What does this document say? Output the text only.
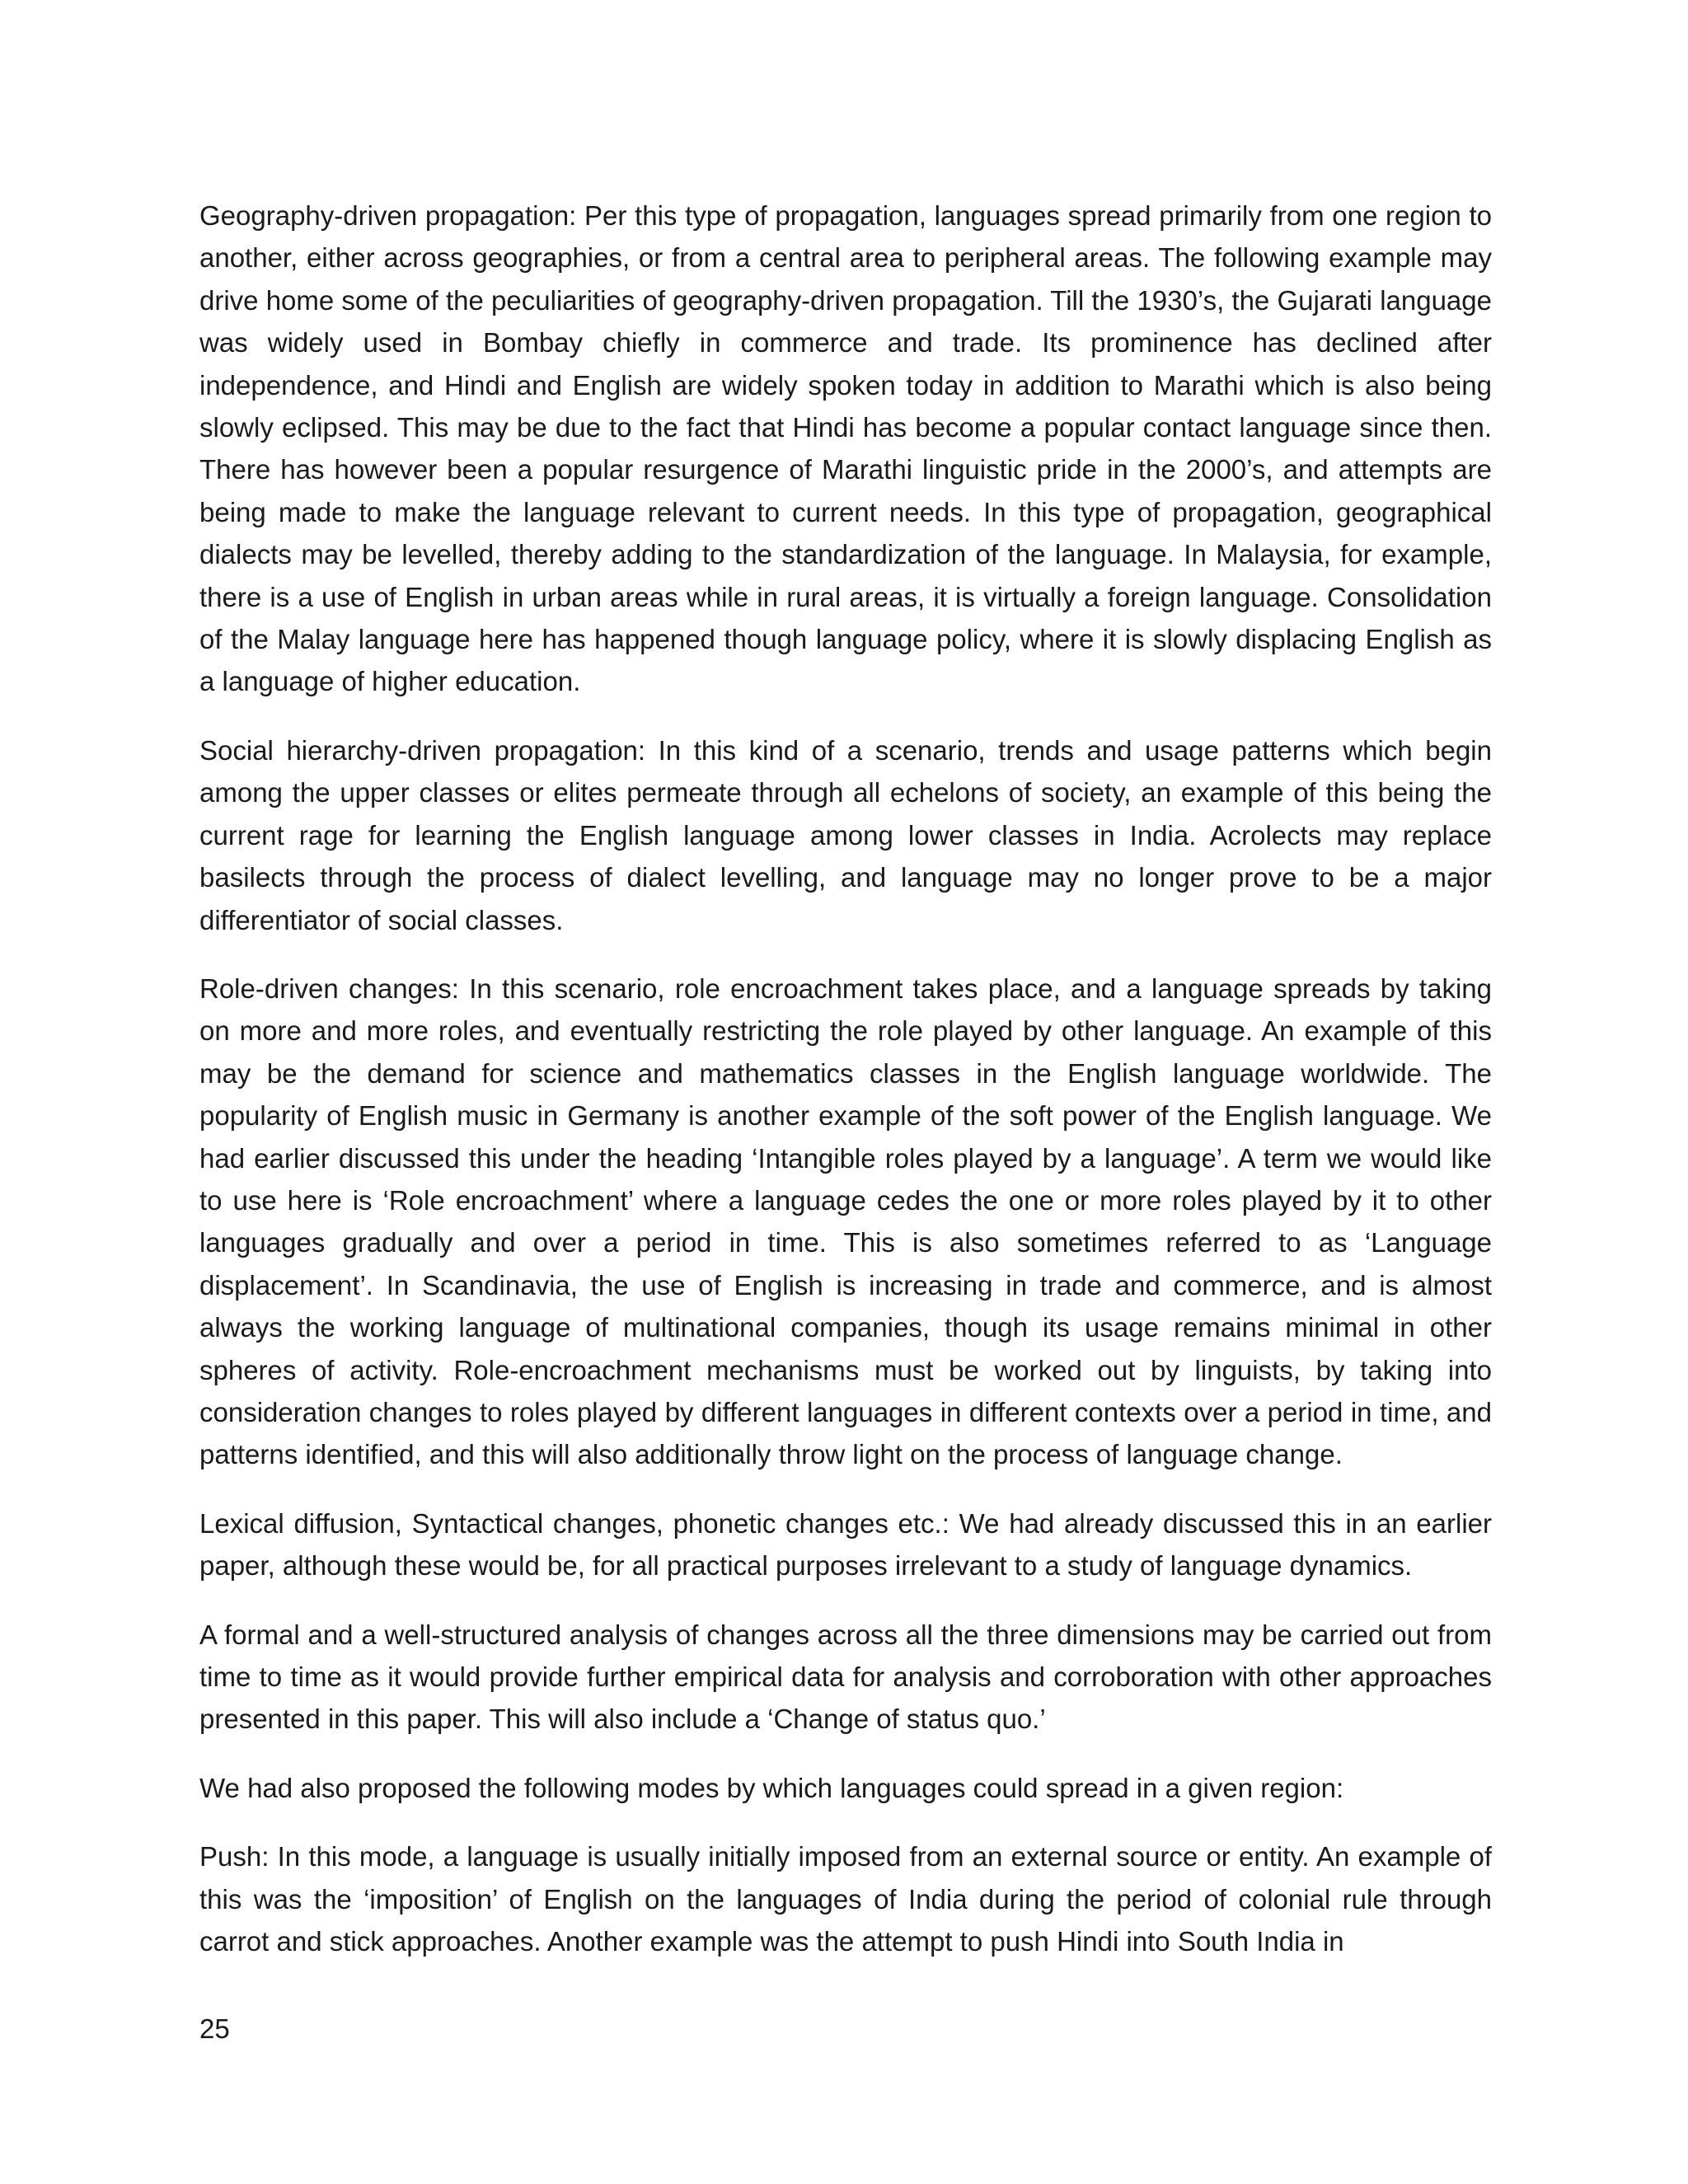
Geography-driven propagation: Per this type of propagation, languages spread primarily from one region to another, either across geographies, or from a central area to peripheral areas. The following example may drive home some of the peculiarities of geography-driven propagation. Till the 1930’s, the Gujarati language was widely used in Bombay chiefly in commerce and trade. Its prominence has declined after independence, and Hindi and English are widely spoken today in addition to Marathi which is also being slowly eclipsed. This may be due to the fact that Hindi has become a popular contact language since then. There has however been a popular resurgence of Marathi linguistic pride in the 2000’s, and attempts are being made to make the language relevant to current needs. In this type of propagation, geographical dialects may be levelled, thereby adding to the standardization of the language. In Malaysia, for example, there is a use of English in urban areas while in rural areas, it is virtually a foreign language. Consolidation of the Malay language here has happened though language policy, where it is slowly displacing English as a language of higher education.

Social hierarchy-driven propagation: In this kind of a scenario, trends and usage patterns which begin among the upper classes or elites permeate through all echelons of society, an example of this being the current rage for learning the English language among lower classes in India. Acrolects may replace basilects through the process of dialect levelling, and language may no longer prove to be a major differentiator of social classes.

Role-driven changes: In this scenario, role encroachment takes place, and a language spreads by taking on more and more roles, and eventually restricting the role played by other language. An example of this may be the demand for science and mathematics classes in the English language worldwide. The popularity of English music in Germany is another example of the soft power of the English language. We had earlier discussed this under the heading ‘Intangible roles played by a language’. A term we would like to use here is ‘Role encroachment’ where a language cedes the one or more roles played by it to other languages gradually and over a period in time. This is also sometimes referred to as ‘Language displacement’. In Scandinavia, the use of English is increasing in trade and commerce, and is almost always the working language of multinational companies, though its usage remains minimal in other spheres of activity. Role-encroachment mechanisms must be worked out by linguists, by taking into consideration changes to roles played by different languages in different contexts over a period in time, and patterns identified, and this will also additionally throw light on the process of language change.

Lexical diffusion, Syntactical changes, phonetic changes etc.: We had already discussed this in an earlier paper, although these would be, for all practical purposes irrelevant to a study of language dynamics.

A formal and a well-structured analysis of changes across all the three dimensions may be carried out from time to time as it would provide further empirical data for analysis and corroboration with other approaches presented in this paper. This will also include a ‘Change of status quo.’

We had also proposed the following modes by which languages could spread in a given region:

Push: In this mode, a language is usually initially imposed from an external source or entity. An example of this was the ‘imposition’ of English on the languages of India during the period of colonial rule through carrot and stick approaches. Another example was the attempt to push Hindi into South India in

25
